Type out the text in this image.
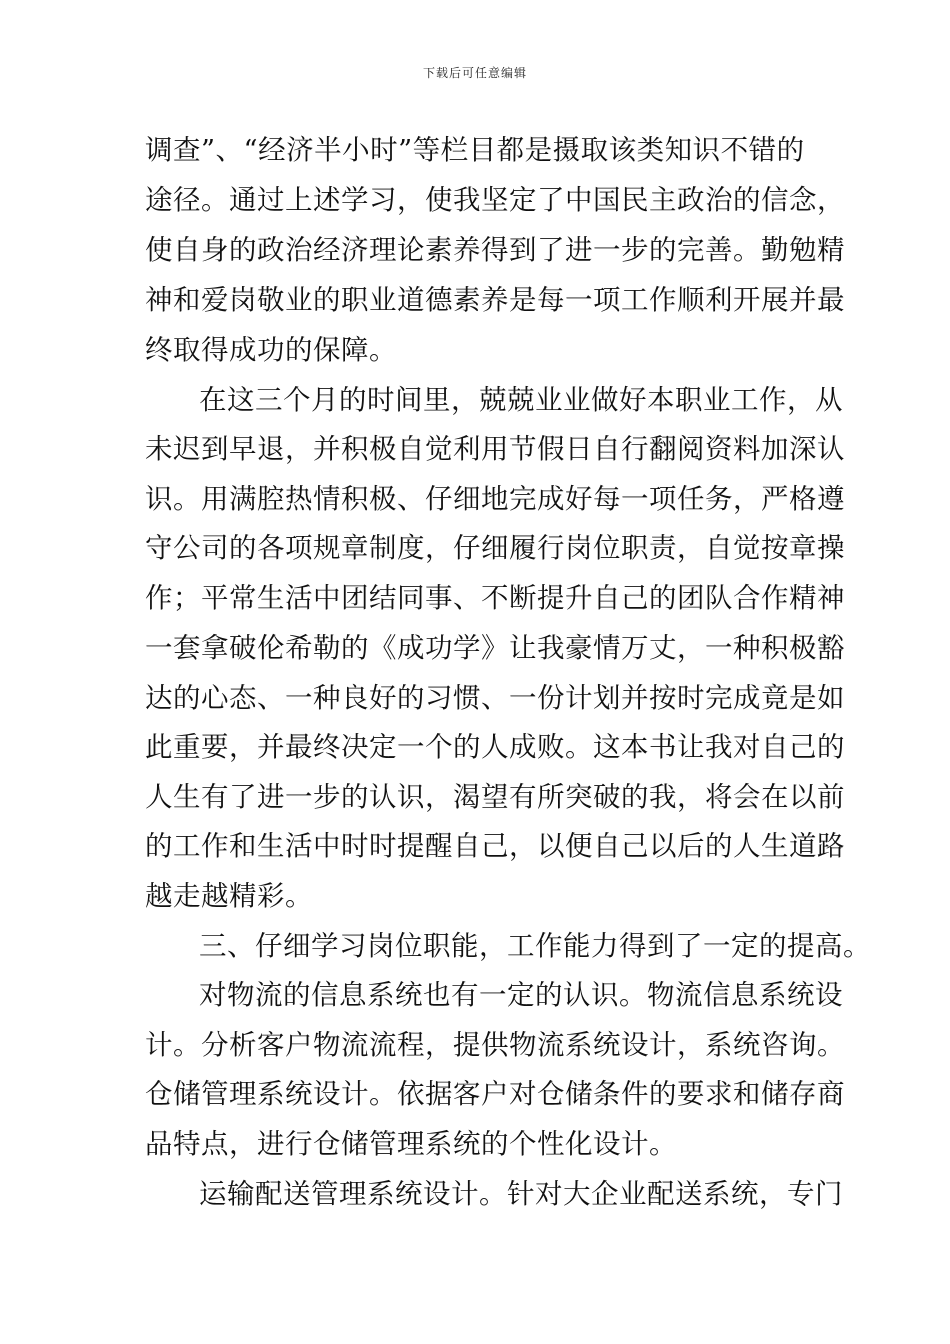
下载后可任意编辑
调查”、“经济半小时”等栏目都是摄取该类知识不错的
途径。通过上述学习，使我坚定了中国民主政治的信念，
使自身的政治经济理论素养得到了进一步的完善。勤勉精
神和爱岗敬业的职业道德素养是每一项工作顺利开展并最
终取得成功的保障。
在这三个月的时间里，兢兢业业做好本职业工作，从
未迟到早退，并积极自觉利用节假日自行翻阅资料加深认
识。用满腔热情积极、仔细地完成好每一项任务，严格遵
守公司的各项规章制度，仔细履行岗位职责，自觉按章操
作；平常生活中团结同事、不断提升自己的团队合作精神
一套拿破伦希勒的《成功学》让我豪情万丈，一种积极豁
达的心态、一种良好的习惯、一份计划并按时完成竟是如
此重要，并最终决定一个的人成败。这本书让我对自己的
人生有了进一步的认识，渴望有所突破的我，将会在以前
的工作和生活中时时提醒自己，以便自己以后的人生道路
越走越精彩。
三、仔细学习岗位职能，工作能力得到了一定的提高。
对物流的信息系统也有一定的认识。物流信息系统设
计。分析客户物流流程，提供物流系统设计，系统咨询。
仓储管理系统设计。依据客户对仓储条件的要求和储存商
品特点，进行仓储管理系统的个性化设计。
运输配送管理系统设计。针对大企业配送系统，专门
